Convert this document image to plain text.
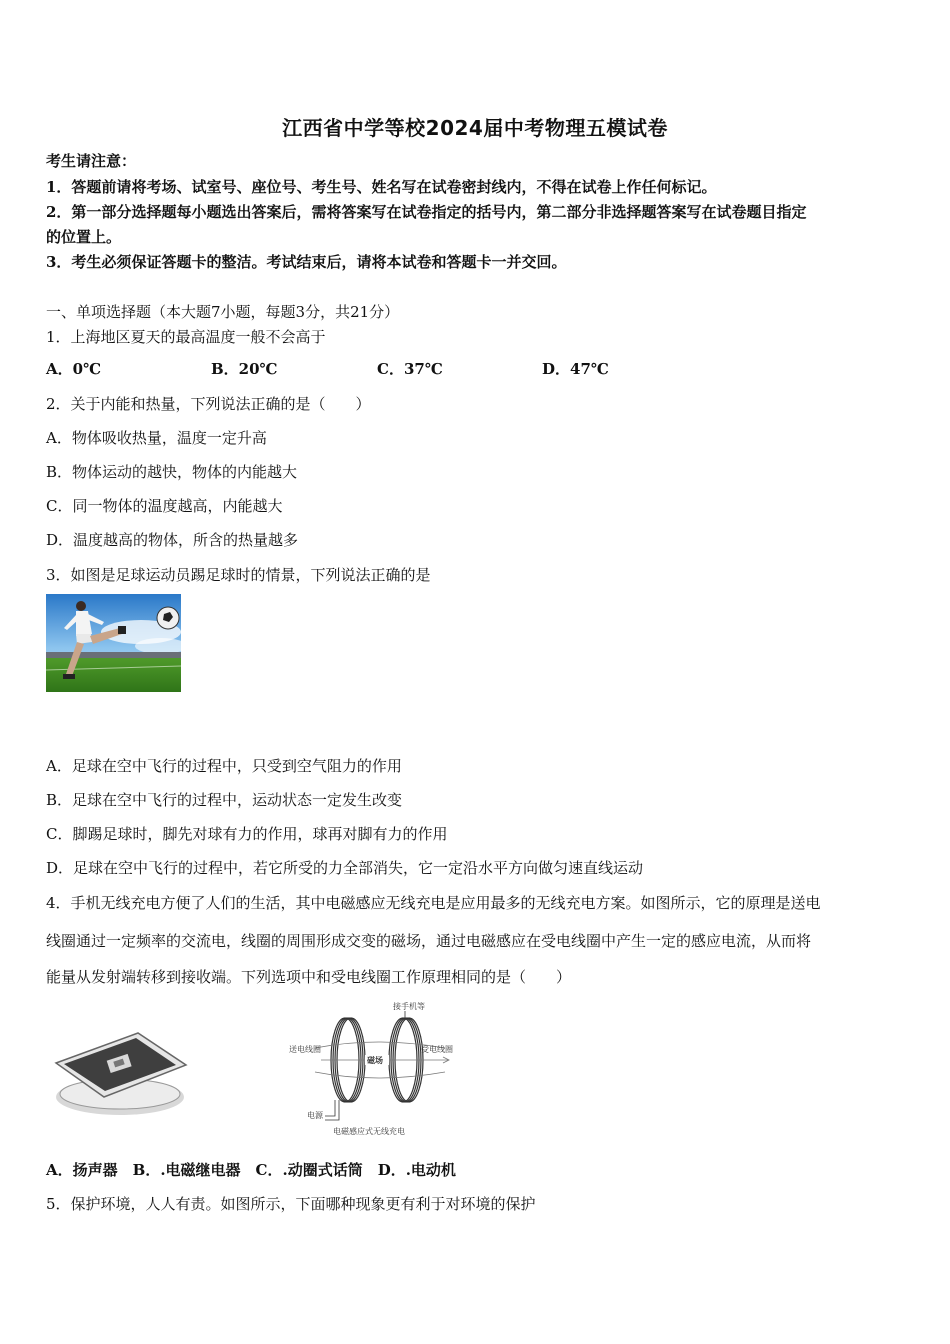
江西省中学等校2024届中考物理五模试卷
考生请注意：
1．答题前请将考场、试室号、座位号、考生号、姓名写在试卷密封线内，不得在试卷上作任何标记。
2．第一部分选择题每小题选出答案后，需将答案写在试卷指定的括号内，第二部分非选择题答案写在试卷题目指定
的位置上。
3．考生必须保证答题卡的整洁。考试结束后，请将本试卷和答题卡一并交回。
一、单项选择题（本大题7小题，每题3分，共21分）
1．上海地区夏天的最高温度一般不会高于
A．0℃	B．20℃	C．37℃	D．47℃
2．关于内能和热量，下列说法正确的是（　　）
A．物体吸收热量，温度一定升高
B．物体运动的越快，物体的内能越大
C．同一物体的温度越高，内能越大
D．温度越高的物体，所含的热量越多
3．如图是足球运动员踢足球时的情景，下列说法正确的是
A．足球在空中飞行的过程中，只受到空气阻力的作用
B．足球在空中飞行的过程中，运动状态一定发生改变
C．脚踢足球时，脚先对球有力的作用，球再对脚有力的作用
D．足球在空中飞行的过程中，若它所受的力全部消失，它一定沿水平方向做匀速直线运动
4．手机无线充电方便了人们的生活，其中电磁感应无线充电是应用最多的无线充电方案。如图所示，它的原理是送电
线圈通过一定频率的交流电，线圈的周围形成交变的磁场，通过电磁感应在受电线圈中产生一定的感应电流，从而将
能量从发射端转移到接收端。下列选项中和受电线圈工作原理相同的是（　　）
磁场
接手机等
送电线圈	受电线圈
电源
电磁感应式无线充电
A．扬声器　B．.电磁继电器　C．.动圈式话筒　D．.电动机
5．保护环境，人人有责。如图所示，下面哪种现象更有利于对环境的保护
